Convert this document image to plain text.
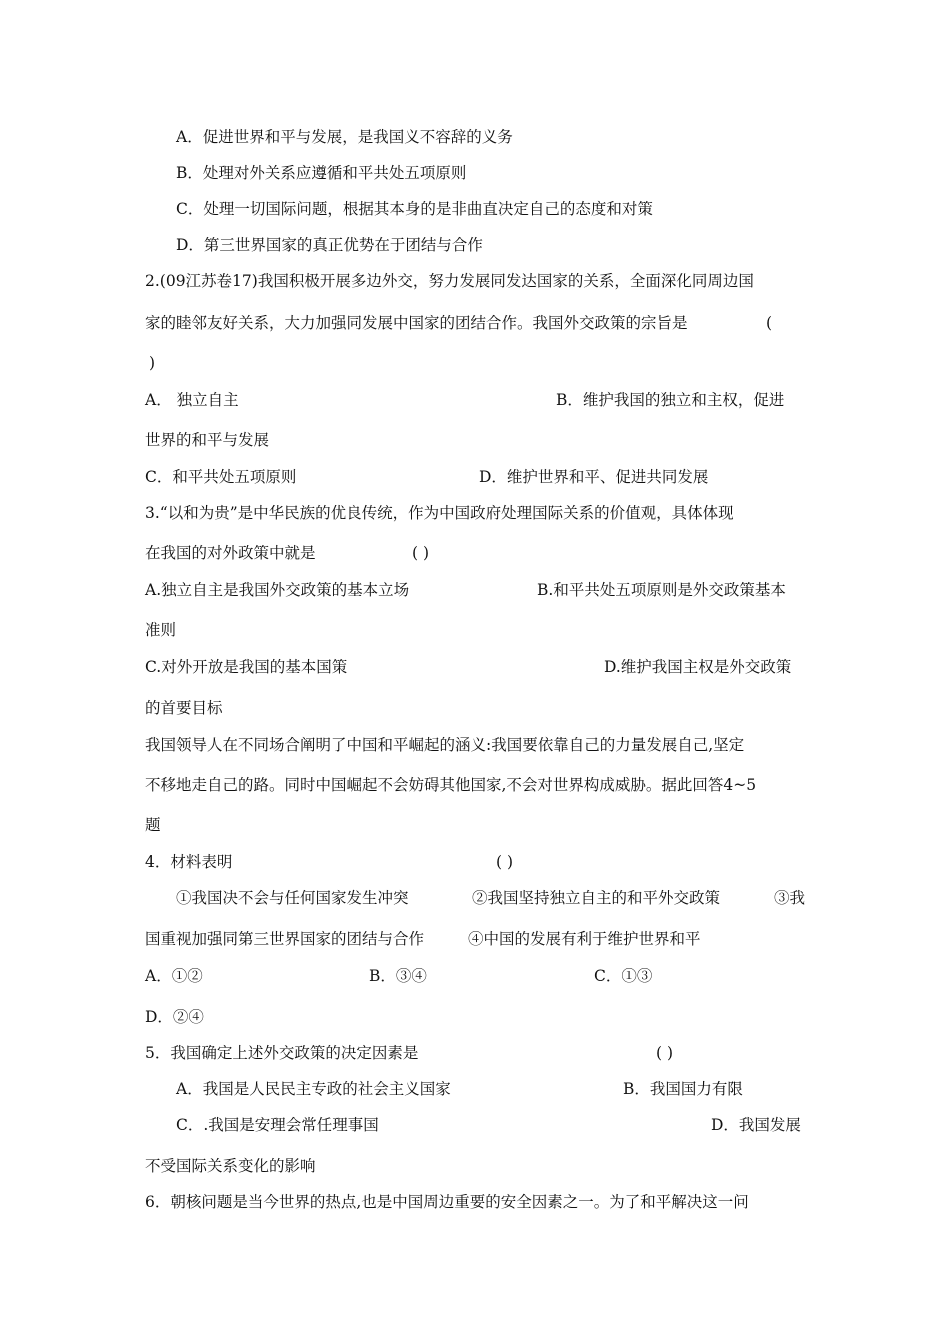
A．促进世界和平与发展，是我国义不容辞的义务
B．处理对外关系应遵循和平共处五项原则
C．处理一切国际问题，根据其本身的是非曲直决定自己的态度和对策
D．第三世界国家的真正优势在于团结与合作
2.(09江苏卷17)我国积极开展多边外交，努力发展同发达国家的关系，全面深化同周边国
家的睦邻友好关系，大力加强同发展中国家的团结合作。我国外交政策的宗旨是	(
)
A． 独立自主	B．维护我国的独立和主权，促进
世界的和平与发展
C．和平共处五项原则	D．维护世界和平、促进共同发展
3.“以和为贵”是中华民族的优良传统，作为中国政府处理国际关系的价值观，具体体现
在我国的对外政策中就是	( )
A.独立自主是我国外交政策的基本立场	B.和平共处五项原则是外交政策基本
准则
C.对外开放是我国的基本国策	D.维护我国主权是外交政策
的首要目标
我国领导人在不同场合阐明了中国和平崛起的涵义:我国要依靠自己的力量发展自己,坚定
不移地走自己的路。同时中国崛起不会妨碍其他国家,不会对世界构成威胁。据此回答4~5
题
4．材料表明	( )
①我国决不会与任何国家发生冲突	②我国坚持独立自主的和平外交政策	③我
国重视加强同第三世界国家的团结与合作	④中国的发展有利于维护世界和平
A．①②	B．③④	C．①③
D．②④
5．我国确定上述外交政策的决定因素是	( )
A．我国是人民民主专政的社会主义国家	B．我国国力有限
C．.我国是安理会常任理事国	D．我国发展
不受国际关系变化的影响
6．朝核问题是当今世界的热点,也是中国周边重要的安全因素之一。为了和平解决这一问
